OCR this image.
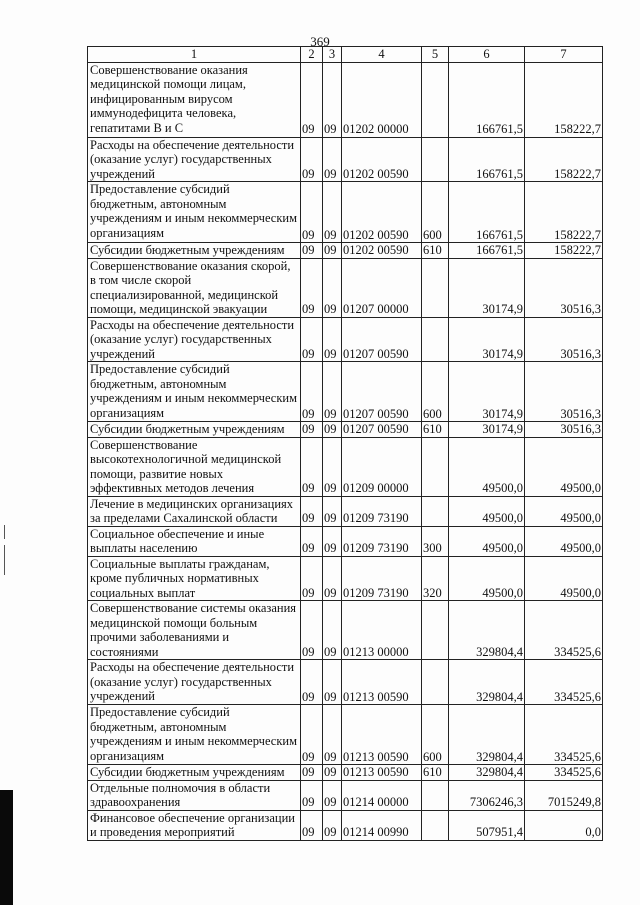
369
1	2	3	4	5	6	7
Совершенствование оказания медицинской помощи лицам, инфицированным вирусом иммунодефицита человека, гепатитами В и С	09	09	01202 00000		166761,5	158222,7
Расходы на обеспечение деятельности (оказание услуг) государственных учреждений	09	09	01202 00590		166761,5	158222,7
Предоставление субсидий бюджетным, автономным учреждениям и иным некоммерческим организациям	09	09	01202 00590	600	166761,5	158222,7
Субсидии бюджетным учреждениям	09	09	01202 00590	610	166761,5	158222,7
Совершенствование оказания скорой, в том числе скорой специализированной, медицинской помощи, медицинской эвакуации	09	09	01207 00000		30174,9	30516,3
Расходы на обеспечение деятельности (оказание услуг) государственных учреждений	09	09	01207 00590		30174,9	30516,3
Предоставление субсидий бюджетным, автономным учреждениям и иным некоммерческим организациям	09	09	01207 00590	600	30174,9	30516,3
Субсидии бюджетным учреждениям	09	09	01207 00590	610	30174,9	30516,3
Совершенствование высокотехнологичной медицинской помощи, развитие новых эффективных методов лечения	09	09	01209 00000		49500,0	49500,0
Лечение в медицинских организациях за пределами Сахалинской области	09	09	01209 73190		49500,0	49500,0
Социальное обеспечение и иные выплаты населению	09	09	01209 73190	300	49500,0	49500,0
Социальные выплаты гражданам, кроме публичных нормативных социальных выплат	09	09	01209 73190	320	49500,0	49500,0
Совершенствование системы оказания медицинской помощи больным прочими заболеваниями и состояниями	09	09	01213 00000		329804,4	334525,6
Расходы на обеспечение деятельности (оказание услуг) государственных учреждений	09	09	01213 00590		329804,4	334525,6
Предоставление субсидий бюджетным, автономным учреждениям и иным некоммерческим организациям	09	09	01213 00590	600	329804,4	334525,6
Субсидии бюджетным учреждениям	09	09	01213 00590	610	329804,4	334525,6
Отдельные полномочия в области здравоохранения	09	09	01214 00000		7306246,3	7015249,8
Финансовое обеспечение организации и проведения мероприятий	09	09	01214 00990		507951,4	0,0
